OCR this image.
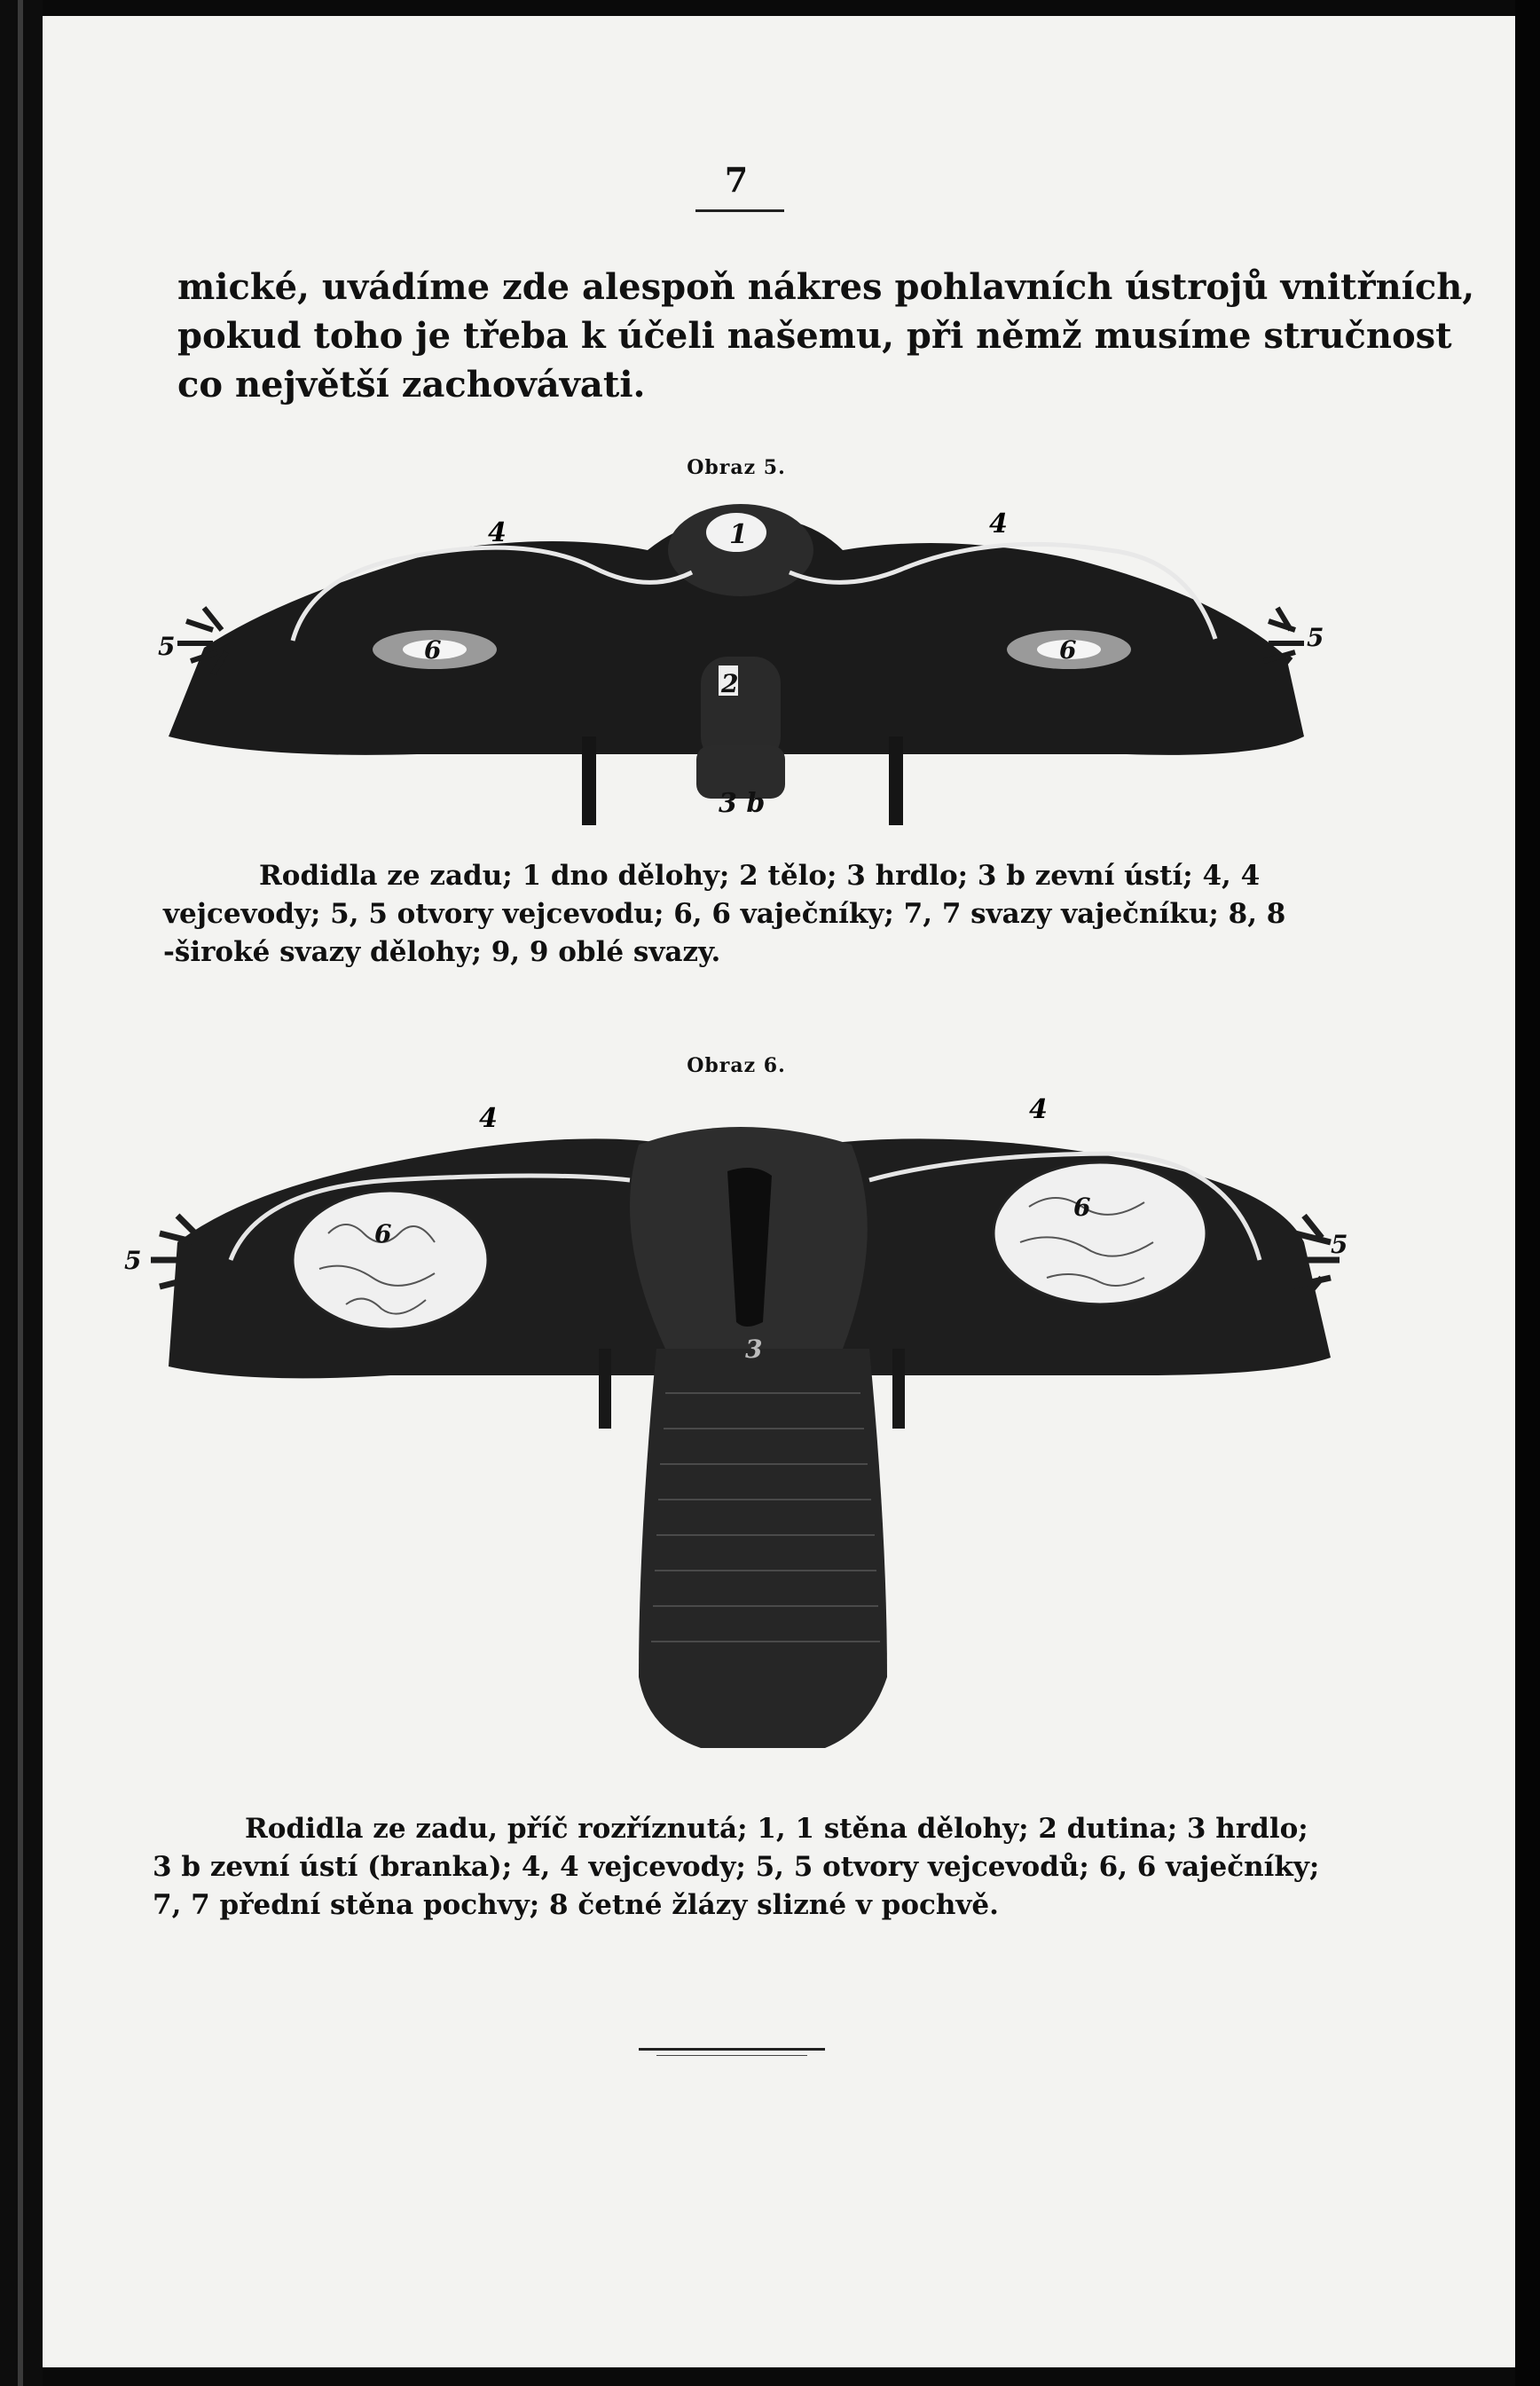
7
mické, uvádíme zde alespoň nákres pohlavních ústrojů vnitřních,
pokud toho je třeba k účeli našemu, při němž musíme stručnost
co největší zachovávati.
Obraz 5.
4	4
1
6	6
2
3 b
5	5
Rodidla ze zadu; 1 dno dělohy; 2 tělo; 3 hrdlo; 3 b zevní ústí; 4, 4
vejcevody; 5, 5 otvory vejcevodu; 6, 6 vaječníky; 7, 7 svazy vaječníku; 8, 8
-široké svazy dělohy; 9, 9 oblé svazy.
Obraz 6.
4	4
6
6
3
5
5
Rodidla ze zadu, příč rozříznutá; 1, 1 stěna dělohy; 2 dutina; 3 hrdlo;
3 b zevní ústí (branka); 4, 4 vejcevody; 5, 5 otvory vejcevodů; 6, 6 vaječníky;
7, 7 přední stěna pochvy; 8 četné žlázy slizné v pochvě.
